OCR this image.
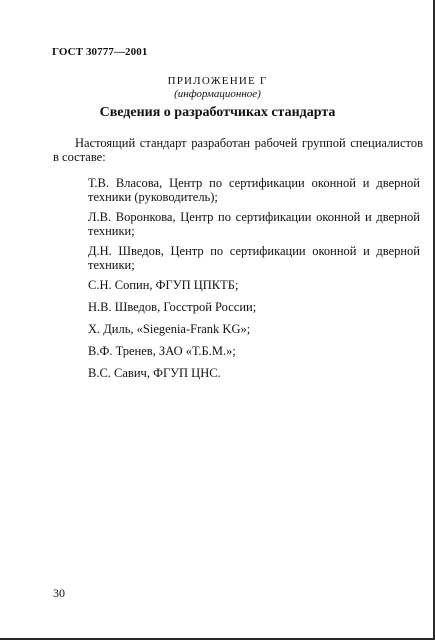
ГОСТ 30777—2001
ПРИЛОЖЕНИЕ Г
(информационное)
Сведения о разработчиках стандарта
Настоящий стандарт разработан рабочей группой специалистов в составе:
Т.В. Власова, Центр по сертификации оконной и дверной техники (руководитель);
Л.В. Воронкова, Центр по сертификации оконной и дверной техники;
Д.Н. Шведов, Центр по сертификации оконной и дверной техники;
С.Н. Сопин, ФГУП ЦПКТБ;
Н.В. Шведов, Госстрой России;
Х. Диль, «Siegenia-Frank KG»;
В.Ф. Тренев, ЗАО «Т.Б.М.»;
В.С. Савич, ФГУП ЦНС.
30
